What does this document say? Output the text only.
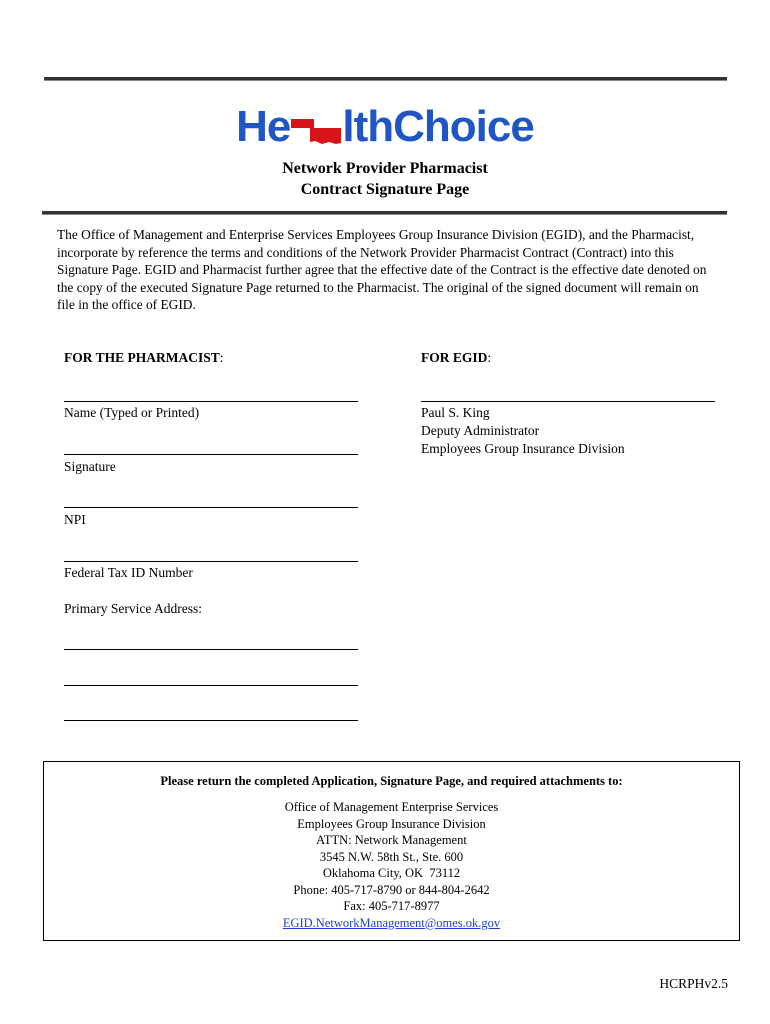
He lthChoice
Network Provider Pharmacist
Contract Signature Page
The Office of Management and Enterprise Services Employees Group Insurance Division (EGID), and the Pharmacist, incorporate by reference the terms and conditions of the Network Provider Pharmacist Contract (Contract) into this Signature Page. EGID and Pharmacist further agree that the effective date of the Contract is the effective date denoted on the copy of the executed Signature Page returned to the Pharmacist. The original of the signed document will remain on file in the office of EGID.
FOR THE PHARMACIST:
Name (Typed or Printed)
Signature
NPI
Federal Tax ID Number
Primary Service Address:
FOR EGID:
Paul S. King
Deputy Administrator
Employees Group Insurance Division
Please return the completed Application, Signature Page, and required attachments to:
Office of Management Enterprise Services
Employees Group Insurance Division
ATTN: Network Management
3545 N.W. 58th St., Ste. 600
Oklahoma City, OK  73112
Phone: 405-717-8790 or 844-804-2642
Fax: 405-717-8977
EGID.NetworkManagement@omes.ok.gov
HCRPHv2.5
